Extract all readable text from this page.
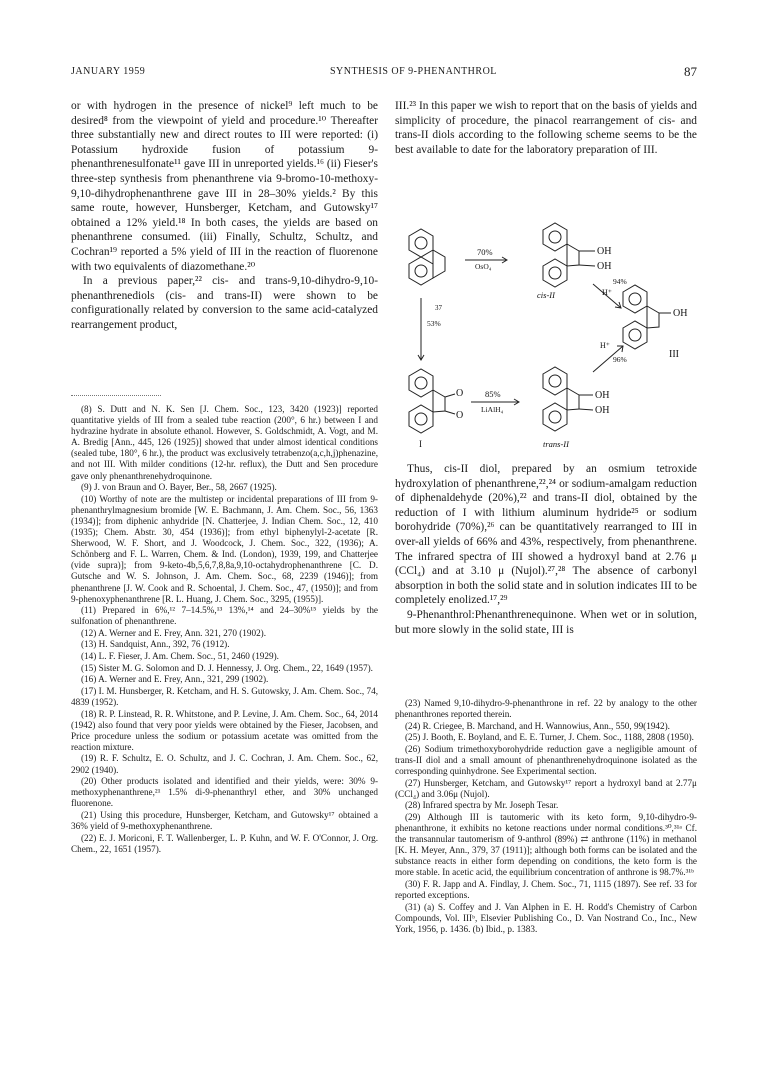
JANUARY 1959	SYNTHESIS OF 9-PHENANTHROL	87

or with hydrogen in the presence of nickel⁹ left much to be desired⁸ from the viewpoint of yield and procedure.¹⁰ Thereafter three substantially new and direct routes to III were reported: (i) Potassium hydroxide fusion of potassium 9-phenanthrenesulfonate¹¹ gave III in unreported yields.¹⁶ (ii) Fieser's three-step synthesis from phenanthrene via 9-bromo-10-methoxy-9,10-dihydrophenanthrene gave III in 28–30% yields.² By this same route, however, Hunsberger, Ketcham, and Gutowsky¹⁷ obtained a 12% yield.¹⁸ In both cases, the yields are based on phenanthrene consumed. (iii) Finally, Schultz, Schultz, and Cochran¹⁹ reported a 5% yield of III in the reaction of fluorenone with two equivalents of diazomethane.²⁰

In a previous paper,²² cis- and trans-9,10-dihydro-9,10-phenanthrenediols (cis- and trans-II) were shown to be configurationally related by conversion to the same acid-catalyzed rearrangement product,

(8) S. Dutt and N. K. Sen [J. Chem. Soc., 123, 3420 (1923)] reported quantitative yields of III from a sealed tube reaction (200°, 6 hr.) between I and hydrazine hydrate in absolute ethanol. However, S. Goldschmidt, A. Vogt, and M. A. Bredig [Ann., 445, 126 (1925)] showed that under almost identical conditions (sealed tube, 180°, 6 hr.), the product was exclusively tetrabenzo(a,c,h,j)phenazine, and not III. With milder conditions (12-hr. reflux), the Dutt and Sen procedure gave only phenanthrenehydroquinone.

(9) J. von Braun and O. Bayer, Ber., 58, 2667 (1925).

(10) Worthy of note are the multistep or incidental preparations of III from 9-phenanthrylmagnesium bromide [W. E. Bachmann, J. Am. Chem. Soc., 56, 1363 (1934)]; from diphenic anhydride [N. Chatterjee, J. Indian Chem. Soc., 12, 410 (1935); Chem. Abstr. 30, 454 (1936)]; from ethyl biphenylyl-2-acetate [R. Sherwood, W. F. Short, and J. Woodcock, J. Chem. Soc., 322, (1936); A. Schönberg and F. L. Warren, Chem. & Ind. (London), 1939, 199, and Chatterjee (vide supra)]; from 9-keto-4b,5,6,7,8,8a,9,10-octahydrophenanthrene [C. D. Gutsche and W. S. Johnson, J. Am. Chem. Soc., 68, 2239 (1946)]; from phenanthrene [J. W. Cook and R. Schoental, J. Chem. Soc., 47, (1950)]; and from 9-phenoxyphenanthrene [R. L. Huang, J. Chem. Soc., 3295, (1955)].

(11) Prepared in 6%,¹² 7–14.5%,¹³ 13%,¹⁴ and 24–30%¹⁵ yields by the sulfonation of phenanthrene.

(12) A. Werner and E. Frey, Ann. 321, 270 (1902).

(13) H. Sandquist, Ann., 392, 76 (1912).

(14) L. F. Fieser, J. Am. Chem. Soc., 51, 2460 (1929).

(15) Sister M. G. Solomon and D. J. Hennessy, J. Org. Chem., 22, 1649 (1957).

(16) A. Werner and E. Frey, Ann., 321, 299 (1902).

(17) I. M. Hunsberger, R. Ketcham, and H. S. Gutowsky, J. Am. Chem. Soc., 74, 4839 (1952).

(18) R. P. Linstead, R. R. Whitstone, and P. Levine, J. Am. Chem. Soc., 64, 2014 (1942) also found that very poor yields were obtained by the Fieser, Jacobsen, and Price procedure unless the sodium or potassium acetate was omitted from the reaction mixture.

(19) R. F. Schultz, E. O. Schultz, and J. C. Cochran, J. Am. Chem. Soc., 62, 2902 (1940).

(20) Other products isolated and identified and their yields, were: 30% 9-methoxyphenanthrene,²¹ 1.5% di-9-phenanthryl ether, and 30% unchanged fluorenone.

(21) Using this procedure, Hunsberger, Ketcham, and Gutowsky¹⁷ obtained a 36% yield of 9-methoxyphenanthrene.

(22) E. J. Moriconi, F. T. Wallenberger, L. P. Kuhn, and W. F. O'Connor, J. Org. Chem., 22, 1651 (1957).

III.²³ In this paper we wish to report that on the basis of yields and simplicity of procedure, the pinacol rearrangement of cis- and trans-II diols according to the following scheme seems to be the best available to date for the laboratory preparation of III.

70%
OsO₄
OH
OH
cis-II
94%
H⁺
37
53%
OH
III
H⁺
96%
O
O
85%
LiAlH₄
OH
OH
I	trans-II

Thus, cis-II diol, prepared by an osmium tetroxide hydroxylation of phenanthrene,²²,²⁴ or sodium-amalgam reduction of diphenaldehyde (20%),²² and trans-II diol, obtained by the reduction of I with lithium aluminum hydride²⁵ or sodium borohydride (70%),²⁶ can be quantitatively rearranged to III in over-all yields of 66% and 43%, respectively, from phenanthrene. The infrared spectra of III showed a hydroxyl band at 2.76 μ (CCl₄) and at 3.10 μ (Nujol).²⁷,²⁸ The absence of carbonyl absorption in both the solid state and in solution indicates III to be completely enolized.¹⁷,²⁹

9-Phenanthrol:Phenanthrenequinone. When wet or in solution, but more slowly in the solid state, III is

(23) Named 9,10-dihydro-9-phenanthrone in ref. 22 by analogy to the other phenanthrones reported therein.

(24) R. Criegee, B. Marchand, and H. Wannowius, Ann., 550, 99(1942).

(25) J. Booth, E. Boyland, and E. E. Turner, J. Chem. Soc., 1188, 2808 (1950).

(26) Sodium trimethoxyborohydride reduction gave a negligible amount of trans-II diol and a small amount of phenanthrenehydroquinone isolated as the corresponding quinhydrone. See Experimental section.

(27) Hunsberger, Ketcham, and Gutowsky¹⁷ report a hydroxyl band at 2.77μ (CCl₄) and 3.06μ (Nujol).

(28) Infrared spectra by Mr. Joseph Tesar.

(29) Although III is tautomeric with its keto form, 9,10-dihydro-9-phenanthrone, it exhibits no ketone reactions under normal conditions.³⁰,³¹ᵃ Cf. the transannular tautomerism of 9-anthrol (89%) ⇄ anthrone (11%) in methanol [K. H. Meyer, Ann., 379, 37 (1911)]; although both forms can be isolated and the substance reacts in either form depending on conditions, the keto form is the more stable. In acetic acid, the equilibrium concentration of anthrone is 98.7%.³¹ᵇ

(30) F. R. Japp and A. Findlay, J. Chem. Soc., 71, 1115 (1897). See ref. 33 for reported exceptions.

(31) (a) S. Coffey and J. Van Alphen in E. H. Rodd's Chemistry of Carbon Compounds, Vol. IIIᵇ, Elsevier Publishing Co., D. Van Nostrand Co., Inc., New York, 1956, p. 1436. (b) Ibid., p. 1383.
